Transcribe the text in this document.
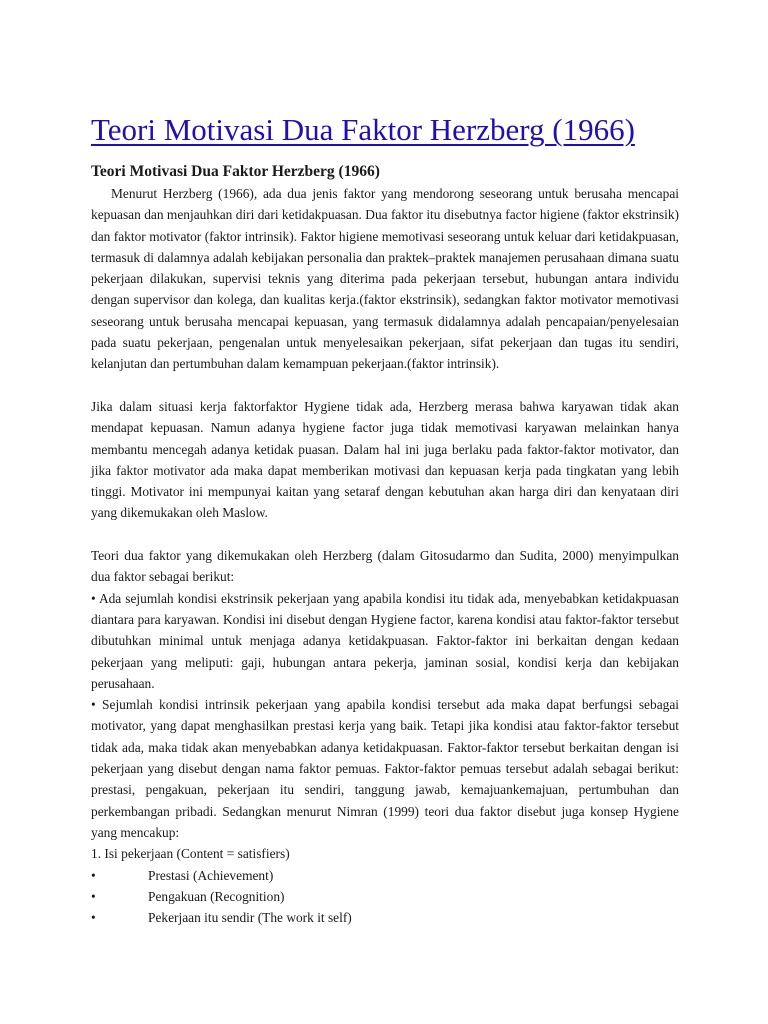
Teori Motivasi Dua Faktor Herzberg (1966)
Teori Motivasi Dua Faktor Herzberg (1966)

Menurut Herzberg (1966), ada dua jenis faktor yang mendorong seseorang untuk berusaha mencapai kepuasan dan menjauhkan diri dari ketidakpuasan. Dua faktor itu disebutnya factor higiene (faktor ekstrinsik) dan faktor motivator (faktor intrinsik). Faktor higiene memotivasi seseorang untuk keluar dari ketidakpuasan, termasuk di dalamnya adalah kebijakan personalia dan praktek–praktek manajemen perusahaan dimana suatu pekerjaan dilakukan, supervisi teknis yang diterima pada pekerjaan tersebut, hubungan antara individu dengan supervisor dan kolega, dan kualitas kerja.(faktor ekstrinsik), sedangkan faktor motivator memotivasi seseorang untuk berusaha mencapai kepuasan, yang termasuk didalamnya adalah pencapaian/penyelesaian pada suatu pekerjaan, pengenalan untuk menyelesaikan pekerjaan, sifat pekerjaan dan tugas itu sendiri, kelanjutan dan pertumbuhan dalam kemampuan pekerjaan.(faktor intrinsik).

Jika dalam situasi kerja faktorfaktor Hygiene tidak ada, Herzberg merasa bahwa karyawan tidak akan mendapat kepuasan. Namun adanya hygiene factor juga tidak memotivasi karyawan melainkan hanya membantu mencegah adanya ketidak puasan. Dalam hal ini juga berlaku pada faktor-faktor motivator, dan jika faktor motivator ada maka dapat memberikan motivasi dan kepuasan kerja pada tingkatan yang lebih tinggi. Motivator ini mempunyai kaitan yang setaraf dengan kebutuhan akan harga diri dan kenyataan diri yang dikemukakan oleh Maslow.

Teori dua faktor yang dikemukakan oleh Herzberg (dalam Gitosudarmo dan Sudita, 2000) menyimpulkan dua faktor sebagai berikut:

• Ada sejumlah kondisi ekstrinsik pekerjaan yang apabila kondisi itu tidak ada, menyebabkan ketidakpuasan diantara para karyawan. Kondisi ini disebut dengan Hygiene factor, karena kondisi atau faktor-faktor tersebut dibutuhkan minimal untuk menjaga adanya ketidakpuasan. Faktor-faktor ini berkaitan dengan kedaan pekerjaan yang meliputi: gaji, hubungan antara pekerja, jaminan sosial, kondisi kerja dan kebijakan perusahaan.

• Sejumlah kondisi intrinsik pekerjaan yang apabila kondisi tersebut ada maka dapat berfungsi sebagai motivator, yang dapat menghasilkan prestasi kerja yang baik. Tetapi jika kondisi atau faktor-faktor tersebut tidak ada, maka tidak akan menyebabkan adanya ketidakpuasan. Faktor-faktor tersebut berkaitan dengan isi pekerjaan yang disebut dengan nama faktor pemuas. Faktor-faktor pemuas tersebut adalah sebagai berikut: prestasi, pengakuan, pekerjaan itu sendiri, tanggung jawab, kemajuankemajuan, pertumbuhan dan perkembangan pribadi. Sedangkan menurut Nimran (1999) teori dua faktor disebut juga konsep Hygiene yang mencakup:

1. Isi pekerjaan (Content = satisfiers)

•	Prestasi (Achievement)
•	Pengakuan (Recognition)
•	Pekerjaan itu sendir (The work it self)
